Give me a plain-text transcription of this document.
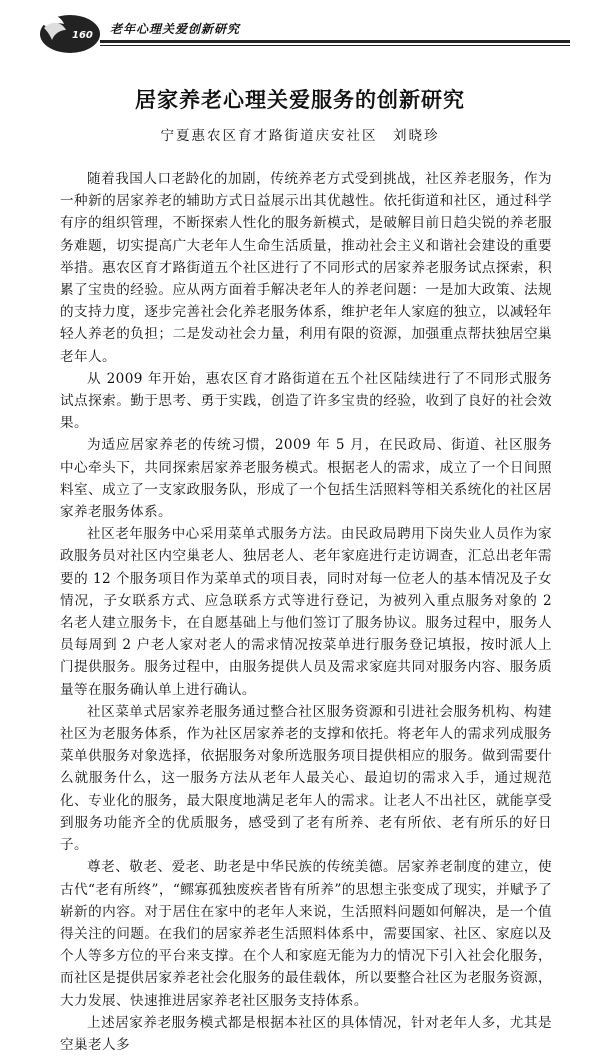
160 老年心理关爱创新研究
居家养老心理关爱服务的创新研究
宁夏惠农区育才路街道庆安社区　刘晓珍

随着我国人口老龄化的加剧，传统养老方式受到挑战，社区养老服务，作为一种新的居家养老的辅助方式日益展示出其优越性。依托街道和社区，通过科学有序的组织管理，不断探索人性化的服务新模式，是破解目前日趋尖锐的养老服务难题，切实提高广大老年人生命生活质量，推动社会主义和谐社会建设的重要举措。惠农区育才路街道五个社区进行了不同形式的居家养老服务试点探索，积累了宝贵的经验。应从两方面着手解决老年人的养老问题：一是加大政策、法规的支持力度，逐步完善社会化养老服务体系，维护老年人家庭的独立，以减轻年轻人养老的负担；二是发动社会力量，利用有限的资源，加强重点帮扶独居空巢老年人。

从 2009 年开始，惠农区育才路街道在五个社区陆续进行了不同形式服务试点探索。勤于思考、勇于实践，创造了许多宝贵的经验，收到了良好的社会效果。

为适应居家养老的传统习惯，2009 年 5 月，在民政局、街道、社区服务中心牵头下，共同探索居家养老服务模式。根据老人的需求，成立了一个日间照料室、成立了一支家政服务队，形成了一个包括生活照料等相关系统化的社区居家养老服务体系。

社区老年服务中心采用菜单式服务方法。由民政局聘用下岗失业人员作为家政服务员对社区内空巢老人、独居老人、老年家庭进行走访调查，汇总出老年需要的 12 个服务项目作为菜单式的项目表，同时对每一位老人的基本情况及子女情况，子女联系方式、应急联系方式等进行登记，为被列入重点服务对象的 2 名老人建立服务卡，在自愿基础上与他们签订了服务协议。服务过程中，服务人员每周到 2 户老人家对老人的需求情况按菜单进行服务登记填报，按时派人上门提供服务。服务过程中，由服务提供人员及需求家庭共同对服务内容、服务质量等在服务确认单上进行确认。

社区菜单式居家养老服务通过整合社区服务资源和引进社会服务机构、构建社区为老服务体系，作为社区居家养老的支撑和依托。将老年人的需求列成服务菜单供服务对象选择，依据服务对象所选服务项目提供相应的服务。做到需要什么就服务什么，这一服务方法从老年人最关心、最迫切的需求入手，通过规范化、专业化的服务，最大限度地满足老年人的需求。让老人不出社区，就能享受到服务功能齐全的优质服务，感受到了老有所养、老有所依、老有所乐的好日子。

尊老、敬老、爱老、助老是中华民族的传统美德。居家养老制度的建立，使古代“老有所终”，“鳏寡孤独废疾者皆有所养”的思想主张变成了现实，并赋予了崭新的内容。对于居住在家中的老年人来说，生活照料问题如何解决，是一个值得关注的问题。在我们的居家养老生活照料体系中，需要国家、社区、家庭以及个人等多方位的平台来支撑。在个人和家庭无能为力的情况下引入社会化服务，而社区是提供居家养老社会化服务的最佳载体，所以要整合社区为老服务资源，大力发展、快速推进居家养老社区服务支持体系。

上述居家养老服务模式都是根据本社区的具体情况，针对老年人多，尤其是空巢老人多
